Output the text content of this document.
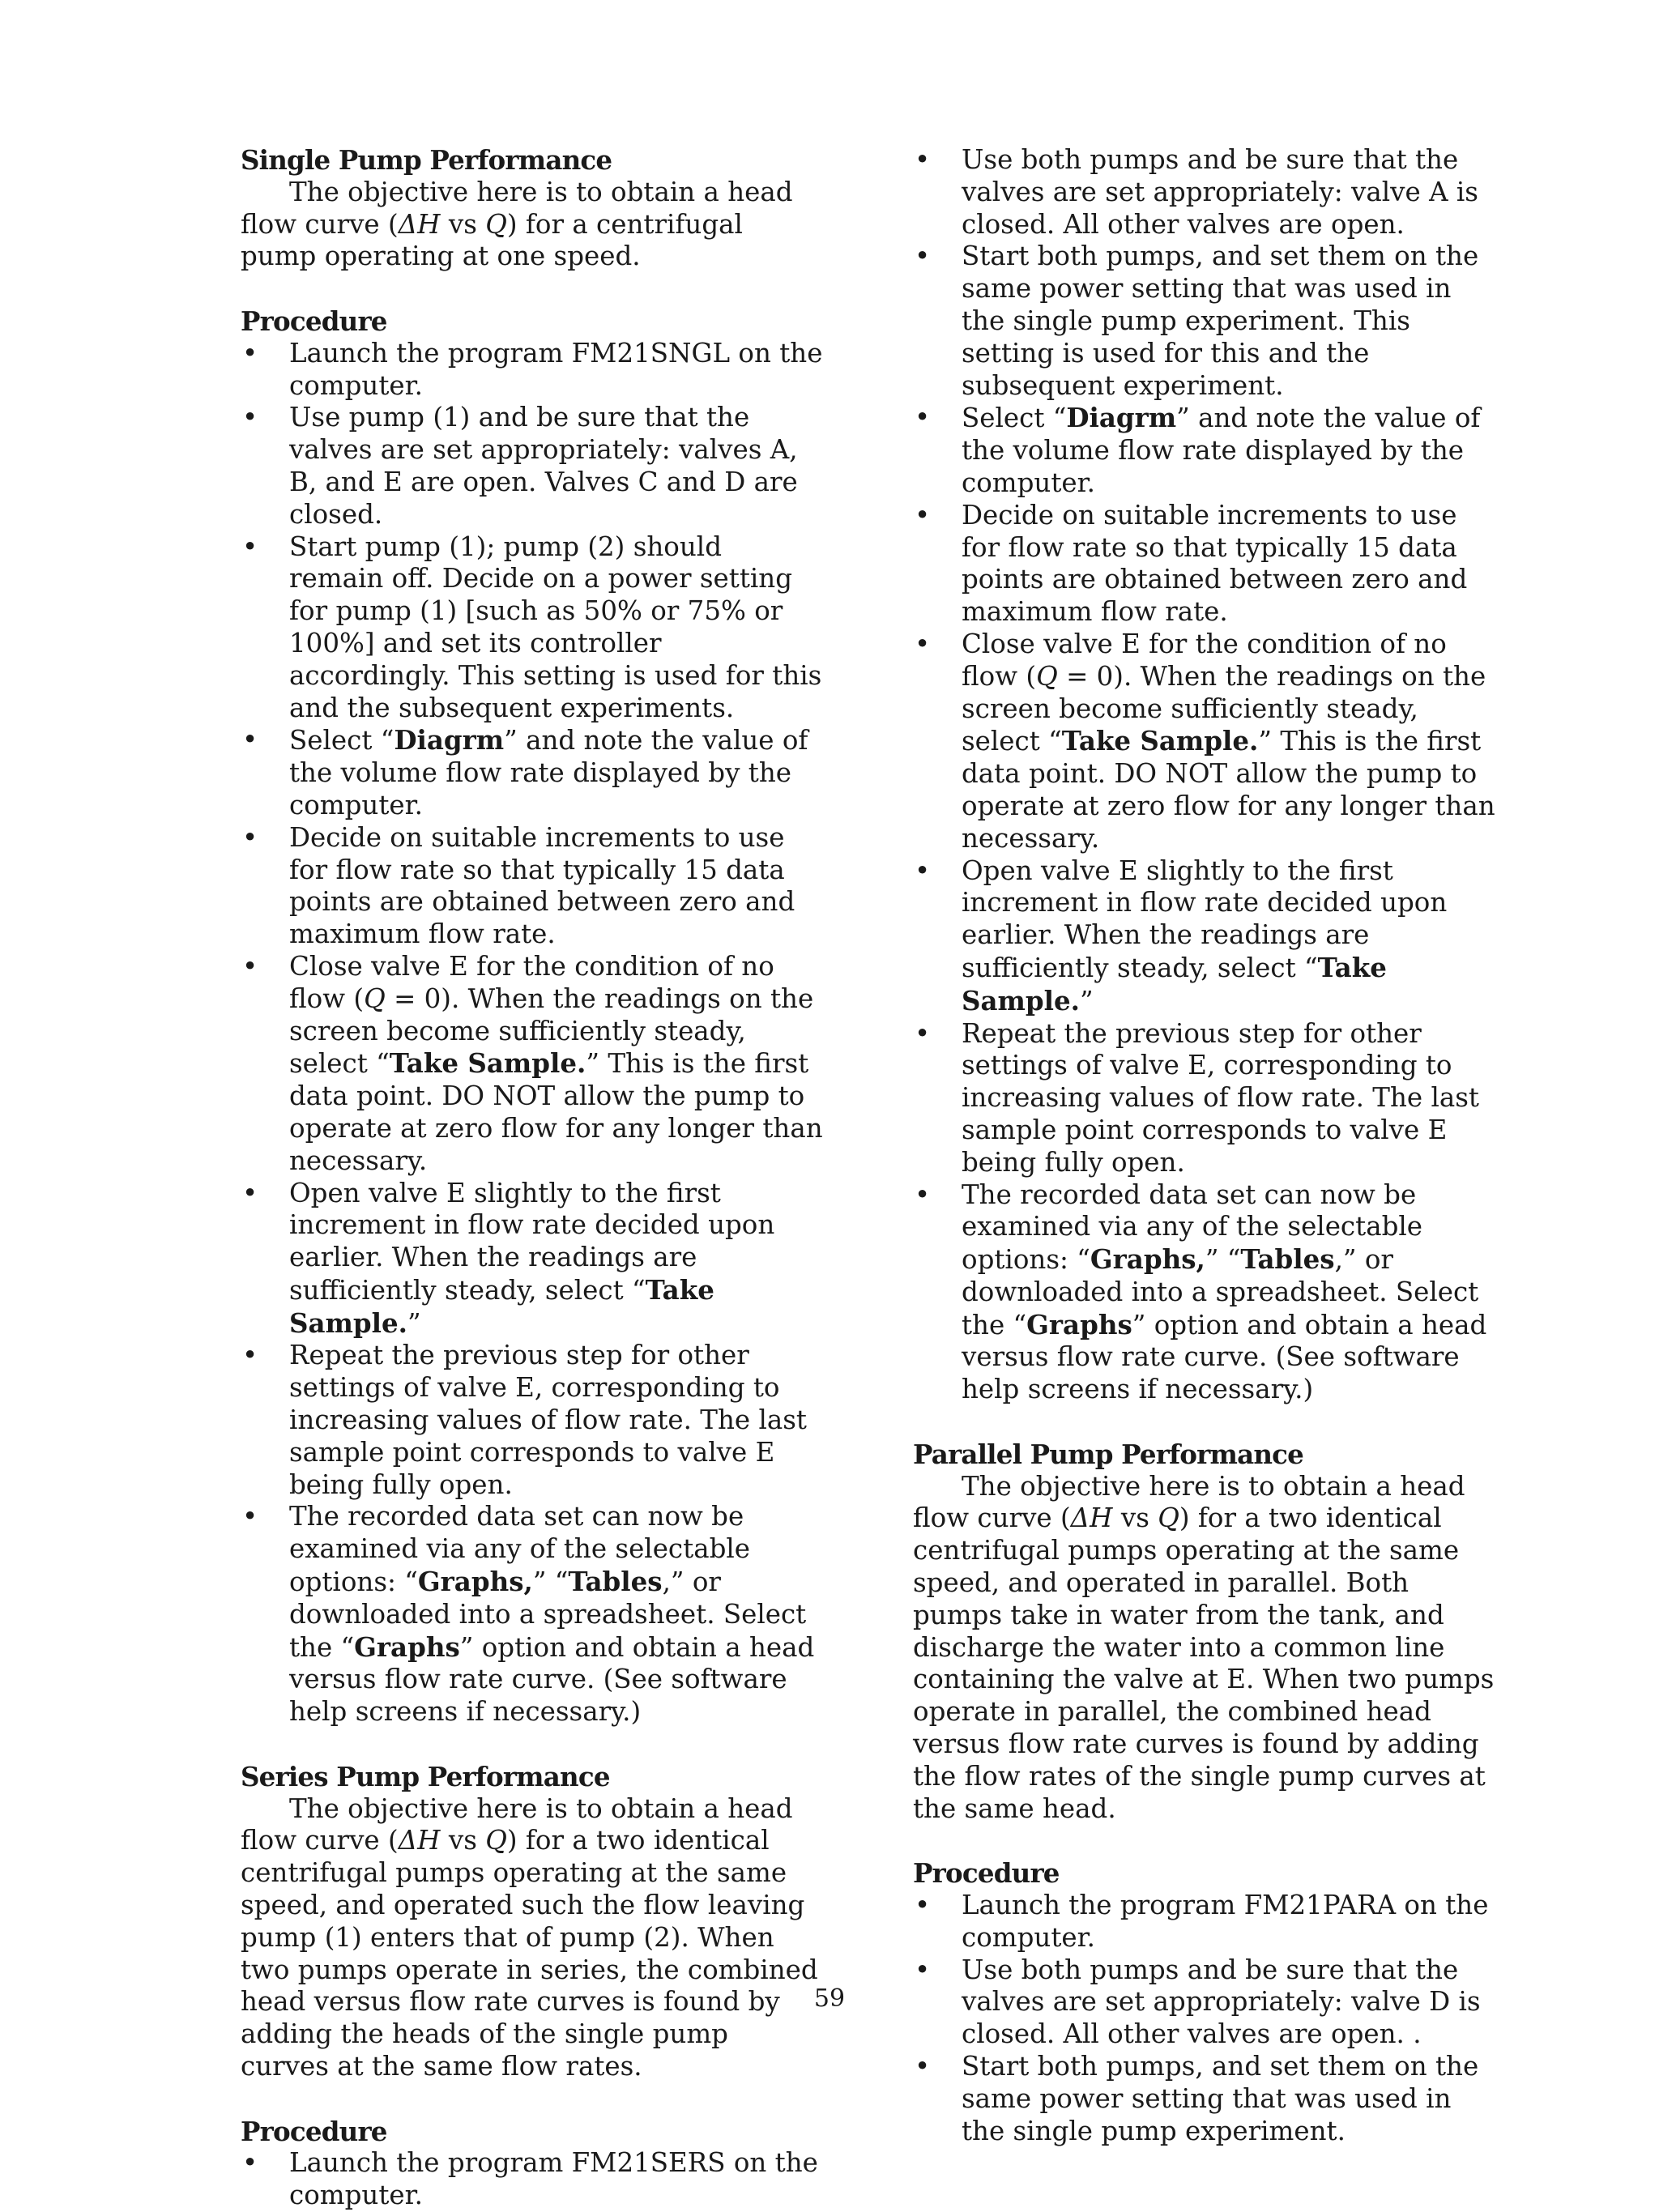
Single Pump Performance
The objective here is to obtain a head flow curve (ΔH vs Q) for a centrifugal pump operating at one speed.
Procedure
• Launch the program FM21SNGL on the computer.
• Use pump (1) and be sure that the valves are set appropriately: valves A, B, and E are open. Valves C and D are closed.
• Start pump (1); pump (2) should remain off. Decide on a power setting for pump (1) [such as 50% or 75% or 100%] and set its controller accordingly. This setting is used for this and the subsequent experiments.
• Select “Diagrm” and note the value of the volume flow rate displayed by the computer.
• Decide on suitable increments to use for flow rate so that typically 15 data points are obtained between zero and maximum flow rate.
• Close valve E for the condition of no flow (Q = 0). When the readings on the screen become sufficiently steady, select “Take Sample.” This is the first data point. DO NOT allow the pump to operate at zero flow for any longer than necessary.
• Open valve E slightly to the first increment in flow rate decided upon earlier. When the readings are sufficiently steady, select “Take Sample.”
• Repeat the previous step for other settings of valve E, corresponding to increasing values of flow rate. The last sample point corresponds to valve E being fully open.
• The recorded data set can now be examined via any of the selectable options: “Graphs,” “Tables,” or downloaded into a spreadsheet. Select the “Graphs” option and obtain a head versus flow rate curve. (See software help screens if necessary.)
Series Pump Performance
The objective here is to obtain a head flow curve (ΔH vs Q) for a two identical centrifugal pumps operating at the same speed, and operated such the flow leaving pump (1) enters that of pump (2). When two pumps operate in series, the combined head versus flow rate curves is found by adding the heads of the single pump curves at the same flow rates.
Procedure
• Launch the program FM21SERS on the computer.
• Use both pumps and be sure that the valves are set appropriately: valve A is closed. All other valves are open.
• Start both pumps, and set them on the same power setting that was used in the single pump experiment. This setting is used for this and the subsequent experiment.
• Select “Diagrm” and note the value of the volume flow rate displayed by the computer.
• Decide on suitable increments to use for flow rate so that typically 15 data points are obtained between zero and maximum flow rate.
• Close valve E for the condition of no flow (Q = 0). When the readings on the screen become sufficiently steady, select “Take Sample.” This is the first data point. DO NOT allow the pump to operate at zero flow for any longer than necessary.
• Open valve E slightly to the first increment in flow rate decided upon earlier. When the readings are sufficiently steady, select “Take Sample.”
• Repeat the previous step for other settings of valve E, corresponding to increasing values of flow rate. The last sample point corresponds to valve E being fully open.
• The recorded data set can now be examined via any of the selectable options: “Graphs,” “Tables,” or downloaded into a spreadsheet. Select the “Graphs” option and obtain a head versus flow rate curve. (See software help screens if necessary.)
Parallel Pump Performance
The objective here is to obtain a head flow curve (ΔH vs Q) for a two identical centrifugal pumps operating at the same speed, and operated in parallel. Both pumps take in water from the tank, and discharge the water into a common line containing the valve at E. When two pumps operate in parallel, the combined head versus flow rate curves is found by adding the flow rates of the single pump curves at the same head.
Procedure
• Launch the program FM21PARA on the computer.
• Use both pumps and be sure that the valves are set appropriately: valve D is closed. All other valves are open. .
• Start both pumps, and set them on the same power setting that was used in the single pump experiment.
59
